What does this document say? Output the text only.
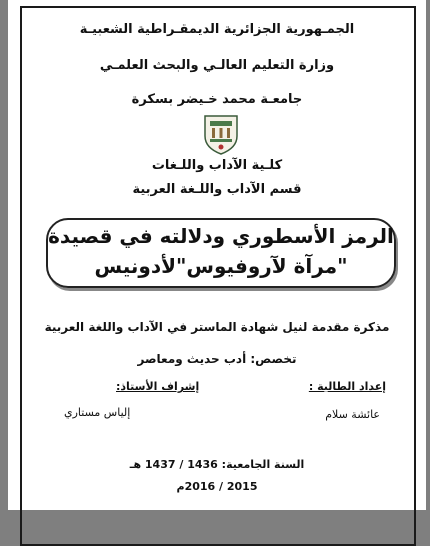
الجمـهورية الجزائرية الديمقـراطية الشعبيـة
وزارة التعليم العالـي والبحث العلمـي
جامعـة محمد خـيضر بسكرة
كلـية الآداب واللـغات
قسم الآداب واللـغة العربية
الرمز الأسطوري ودلالته في قصيدة
"مرآة لآروفيوس"لأدونيس
مذكرة مقدمة لنيل شهادة الماستر في الآداب واللغة العربية
تخصص: أدب حديث ومعاصر
إعداد الطالبة :
إشراف الأستاذ:
عائشة سلام
إلياس مستاري
السنة الجامعية: 1436 / 1437 هـ
2015 / 2016م
